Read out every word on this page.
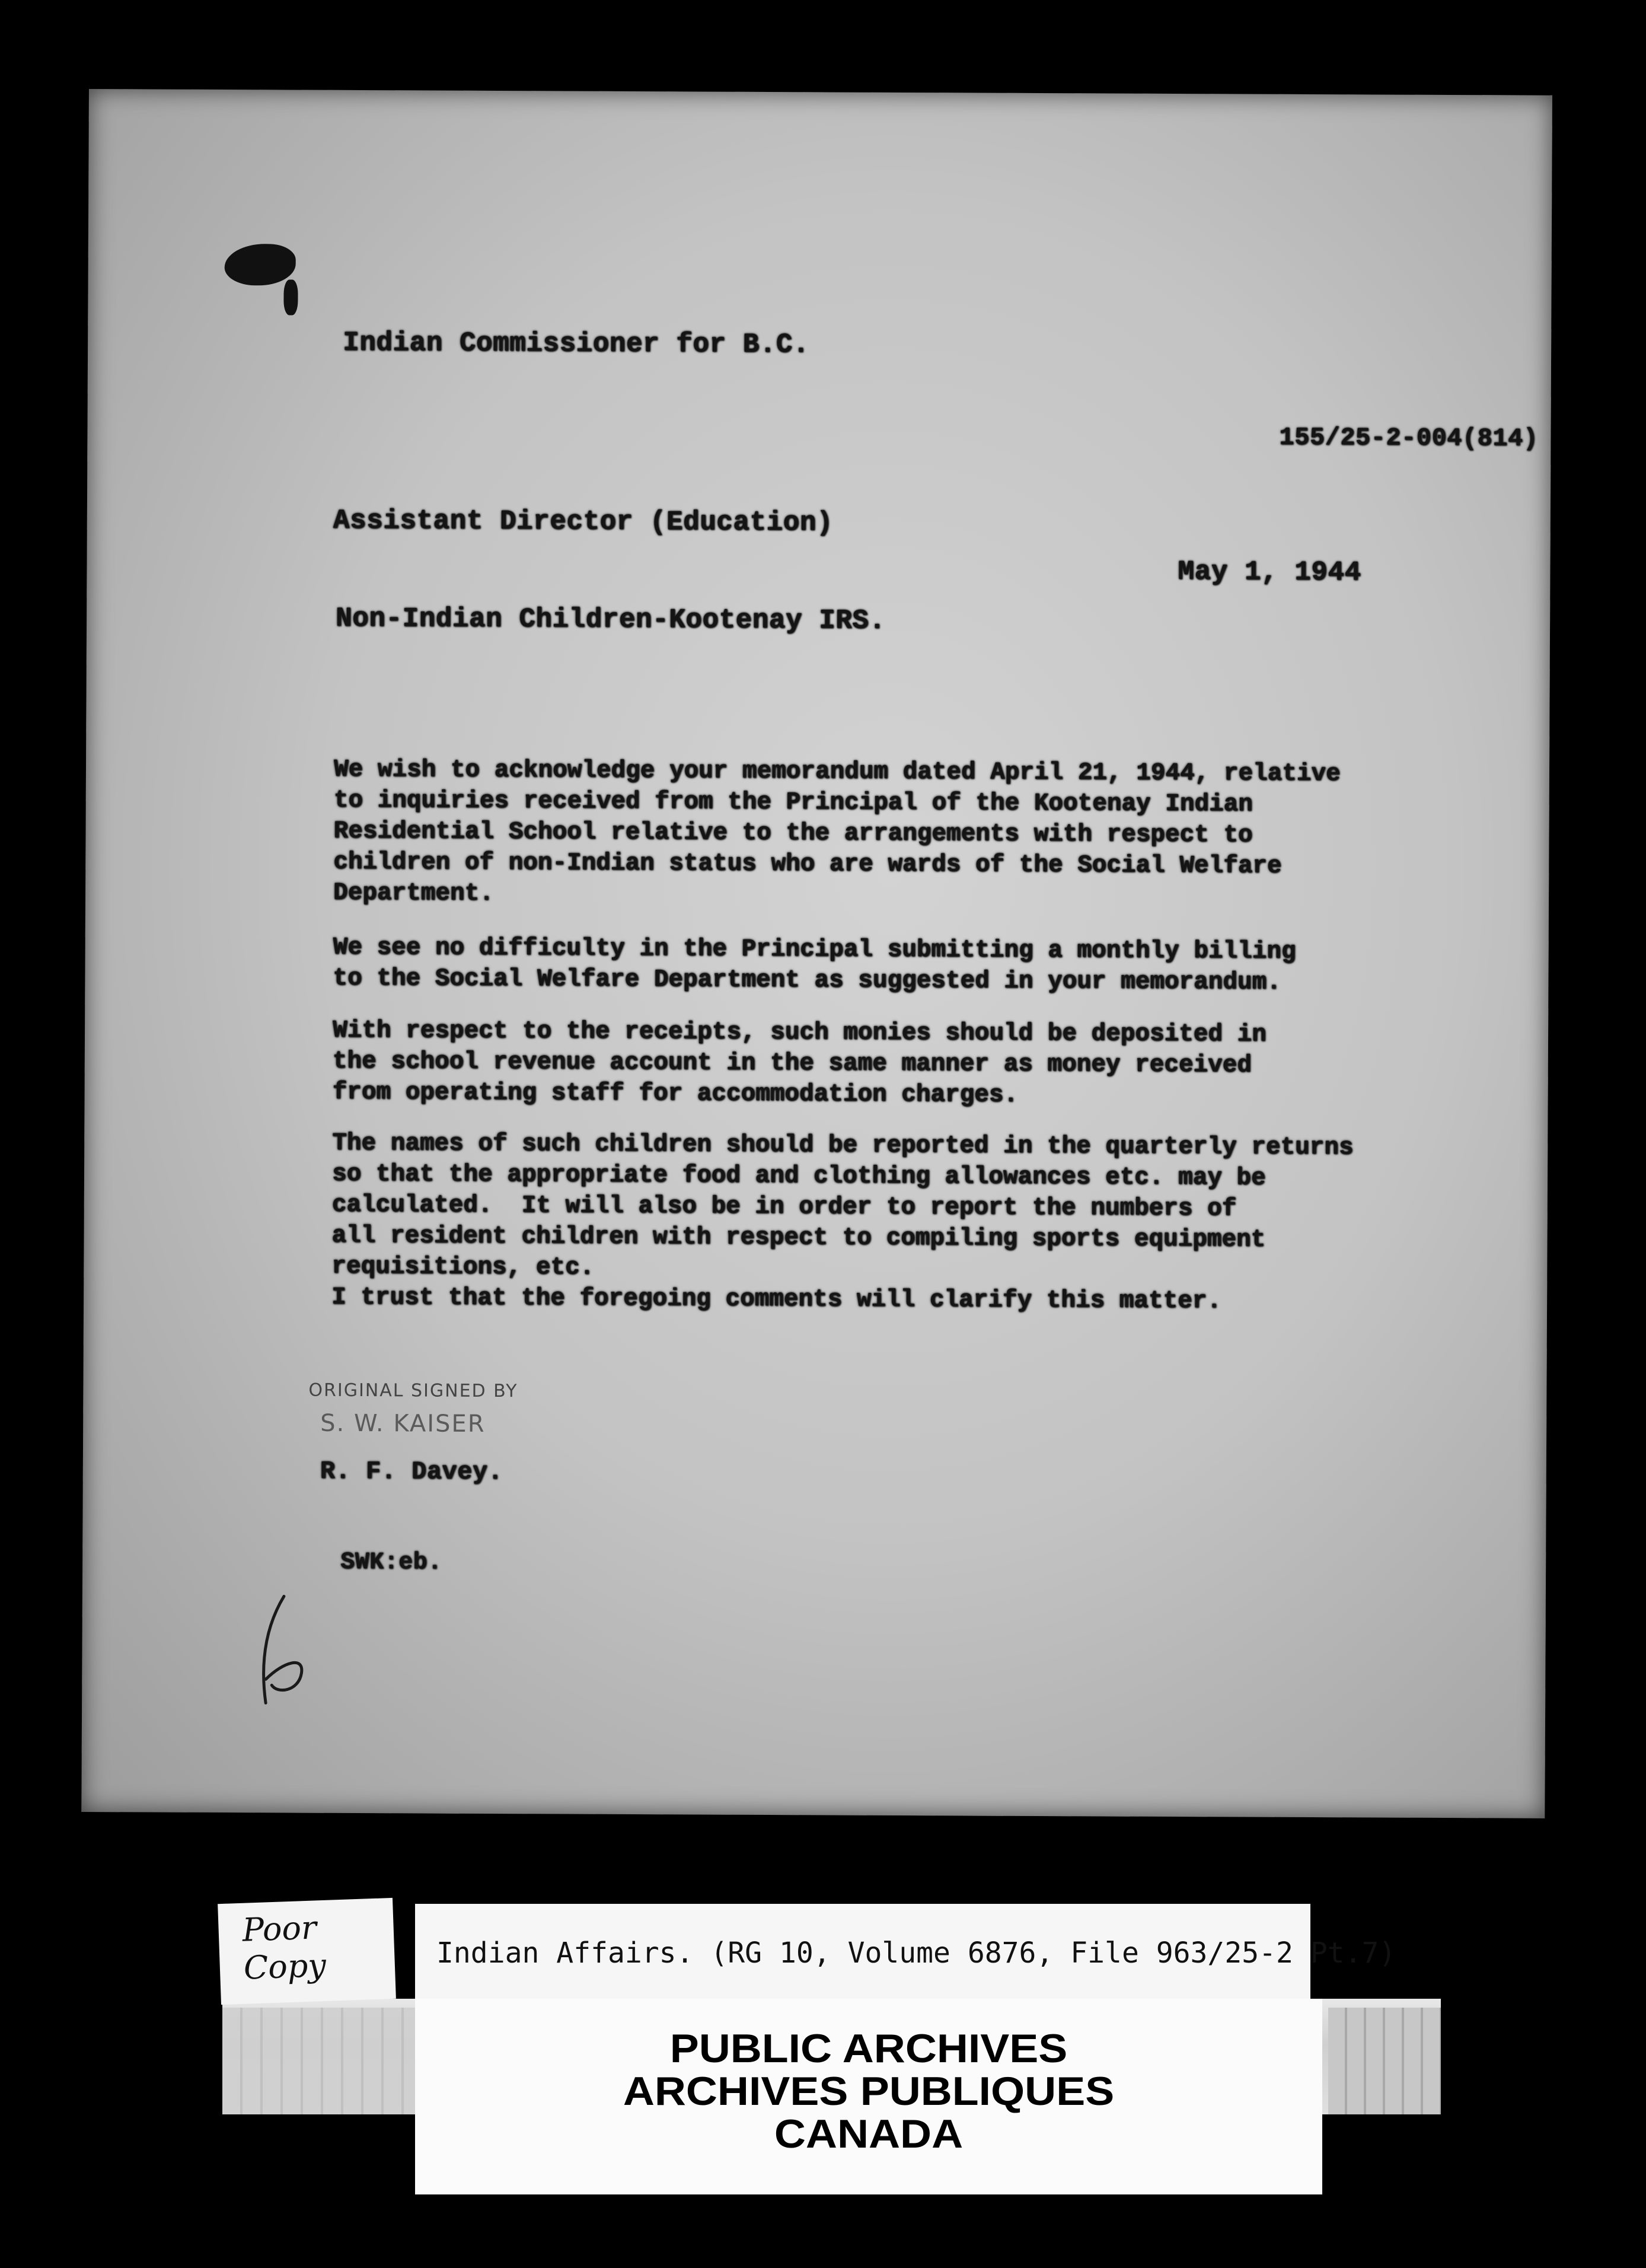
Indian Commissioner for B.C.
155/25-2-004(814)
Assistant Director (Education)
May 1, 1944
Non-Indian Children-Kootenay IRS.
We wish to acknowledge your memorandum dated April 21, 1944, relative
to inquiries received from the Principal of the Kootenay Indian
Residential School relative to the arrangements with respect to
children of non-Indian status who are wards of the Social Welfare
Department.
We see no difficulty in the Principal submitting a monthly billing
to the Social Welfare Department as suggested in your memorandum.
With respect to the receipts, such monies should be deposited in
the school revenue account in the same manner as money received
from operating staff for accommodation charges.
The names of such children should be reported in the quarterly returns
so that the appropriate food and clothing allowances etc. may be
calculated.  It will also be in order to report the numbers of
all resident children with respect to compiling sports equipment
requisitions, etc.
I trust that the foregoing comments will clarify this matter.
ORIGINAL SIGNED BY
S. W. KAISER
R. F. Davey.
SWK:eb.
Poor
Copy	Indian Affairs. (RG 10, Volume 6876, File 963/25-2 Pt.7)
PUBLIC ARCHIVES
ARCHIVES PUBLIQUES
CANADA
